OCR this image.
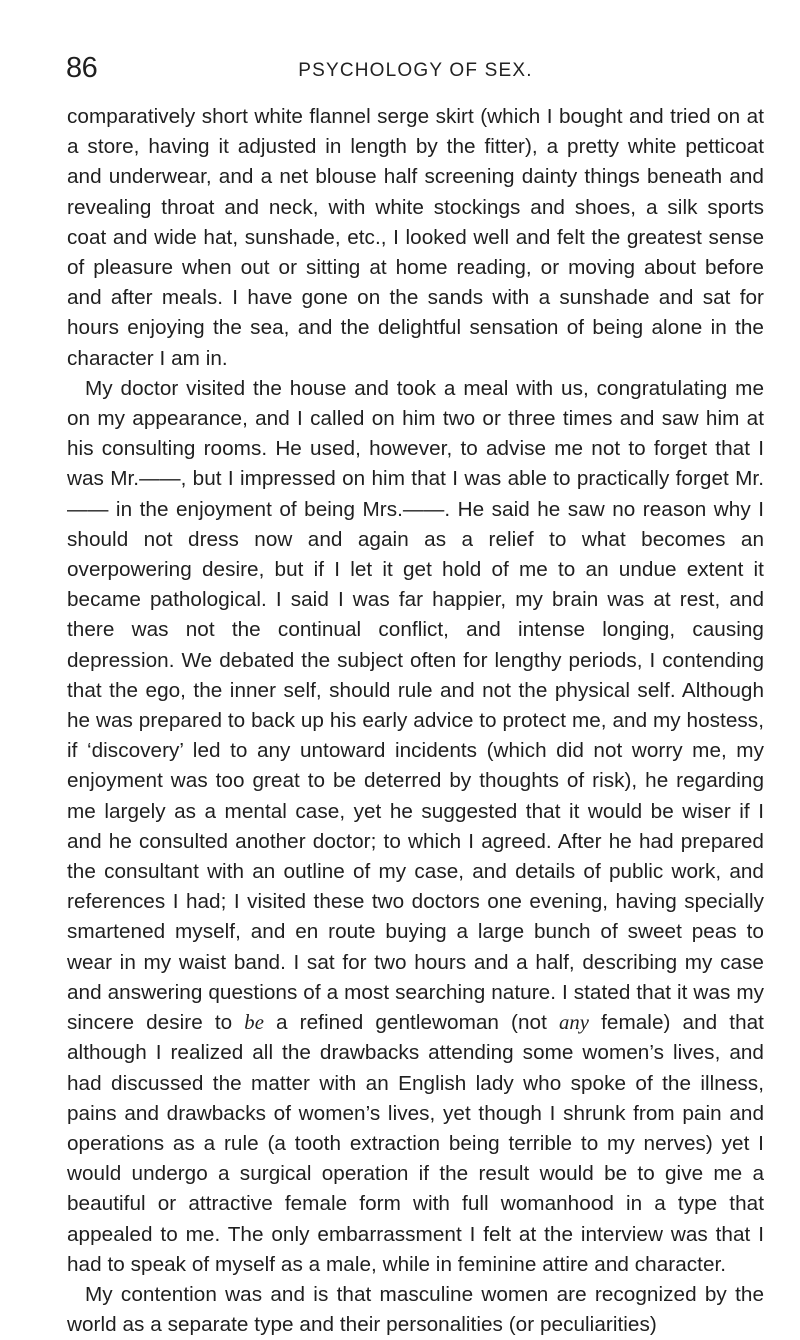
86	PSYCHOLOGY OF SEX.

comparatively short white flannel serge skirt (which I bought and tried on at a store, having it adjusted in length by the fitter), a pretty white petticoat and underwear, and a net blouse half screening dainty things beneath and revealing throat and neck, with white stockings and shoes, a silk sports coat and wide hat, sunshade, etc., I looked well and felt the greatest sense of pleasure when out or sitting at home reading, or moving about before and after meals. I have gone on the sands with a sunshade and sat for hours enjoying the sea, and the delightful sensation of being alone in the character I am in.

My doctor visited the house and took a meal with us, congratulating me on my appearance, and I called on him two or three times and saw him at his consulting rooms. He used, however, to advise me not to forget that I was Mr.——, but I impressed on him that I was able to practically forget Mr.—— in the enjoyment of being Mrs.——. He said he saw no reason why I should not dress now and again as a relief to what becomes an overpowering desire, but if I let it get hold of me to an undue extent it became pathological. I said I was far happier, my brain was at rest, and there was not the continual conflict, and intense longing, causing depression. We debated the subject often for lengthy periods, I contending that the ego, the inner self, should rule and not the physical self. Although he was prepared to back up his early advice to protect me, and my hostess, if ‘discovery’ led to any untoward incidents (which did not worry me, my enjoyment was too great to be deterred by thoughts of risk), he regarding me largely as a mental case, yet he suggested that it would be wiser if I and he consulted another doctor; to which I agreed. After he had prepared the consultant with an outline of my case, and details of public work, and references I had; I visited these two doctors one evening, having specially smartened myself, and en route buying a large bunch of sweet peas to wear in my waist band. I sat for two hours and a half, describing my case and answering questions of a most searching nature. I stated that it was my sincere desire to be a refined gentlewoman (not any female) and that although I realized all the drawbacks attending some women’s lives, and had discussed the matter with an English lady who spoke of the illness, pains and drawbacks of women’s lives, yet though I shrunk from pain and operations as a rule (a tooth extraction being terrible to my nerves) yet I would undergo a surgical operation if the result would be to give me a beautiful or attractive female form with full womanhood in a type that appealed to me. The only embarrassment I felt at the interview was that I had to speak of myself as a male, while in feminine attire and character.

My contention was and is that masculine women are recognized by the world as a separate type and their personalities (or peculiarities)
